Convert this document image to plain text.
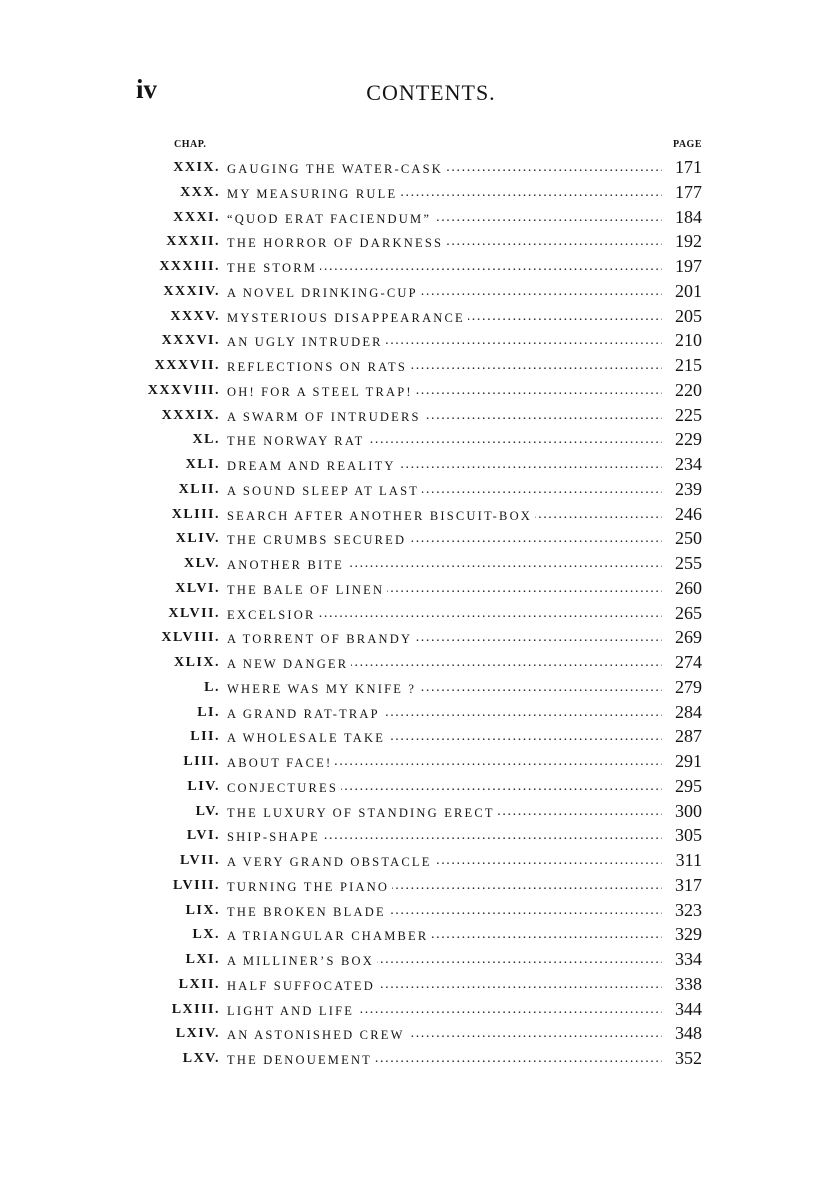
iv	CONTENTS.
CHAP.	PAGE
XXIX. GAUGING THE WATER-CASK .....	171
XXX. MY MEASURING RULE .....	177
XXXI. “QUOD ERAT FACIENDUM” .....	184
XXXII. THE HORROR OF DARKNESS .....	192
XXXIII. THE STORM .....	197
XXXIV. A NOVEL DRINKING-CUP .....	201
XXXV. MYSTERIOUS DISAPPEARANCE .....	205
XXXVI. AN UGLY INTRUDER .....	210
XXXVII. REFLECTIONS ON RATS .....	215
XXXVIII. OH! FOR A STEEL TRAP! .....	220
XXXIX. A SWARM OF INTRUDERS .....	225
XL. THE NORWAY RAT .....	229
XLI. DREAM AND REALITY .....	234
XLII. A SOUND SLEEP AT LAST .....	239
XLIII. SEARCH AFTER ANOTHER BISCUIT-BOX .....	246
XLIV. THE CRUMBS SECURED .....	250
XLV. ANOTHER BITE .....	255
XLVI. THE BALE OF LINEN .....	260
XLVII. EXCELSIOR .....	265
XLVIII. A TORRENT OF BRANDY .....	269
XLIX. A NEW DANGER .....	274
L. WHERE WAS MY KNIFE ? .....	279
LI. A GRAND RAT-TRAP .....	284
LII. A WHOLESALE TAKE .....	287
LIII. ABOUT FACE! .....	291
LIV. CONJECTURES .....	295
LV. THE LUXURY OF STANDING ERECT .....	300
LVI. SHIP-SHAPE .....	305
LVII. A VERY GRAND OBSTACLE .....	311
LVIII. TURNING THE PIANO .....	317
LIX. THE BROKEN BLADE .....	323
LX. A TRIANGULAR CHAMBER .....	329
LXI. A MILLINER’S BOX .....	334
LXII. HALF SUFFOCATED .....	338
LXIII. LIGHT AND LIFE .....	344
LXIV. AN ASTONISHED CREW .....	348
LXV. THE DENOUEMENT .....	352
